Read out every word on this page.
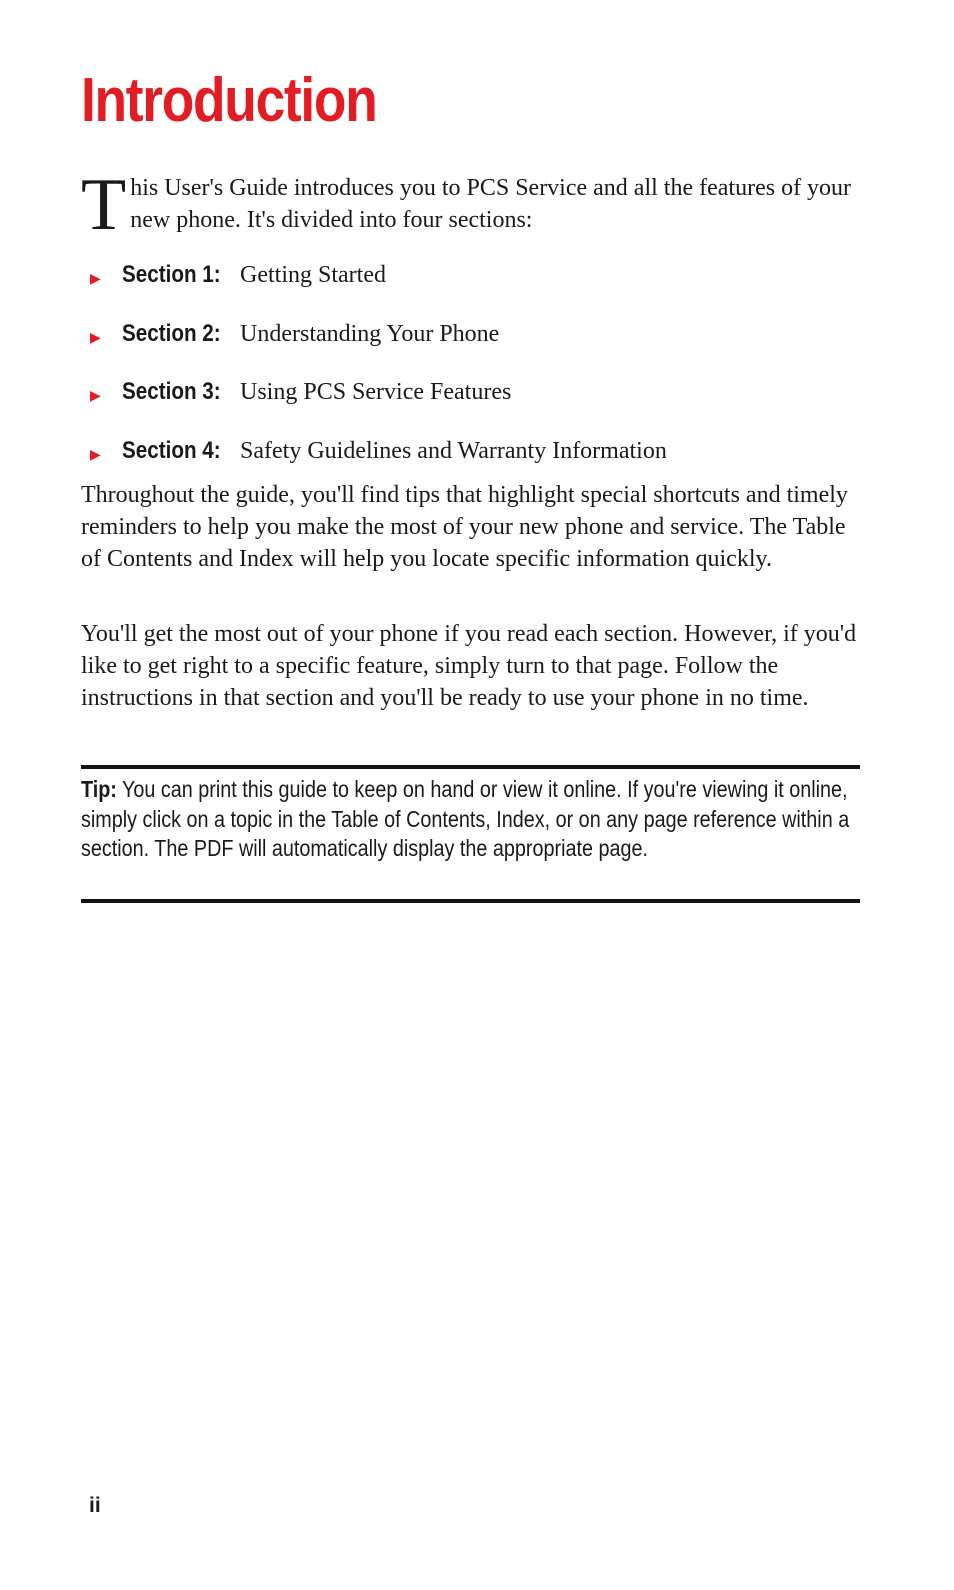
Introduction
T his User's Guide introduces you to PCS Service and all the features of your new phone. It's divided into four sections:
▶ Section 1: Getting Started
▶ Section 2: Understanding Your Phone
▶ Section 3: Using PCS Service Features
▶ Section 4: Safety Guidelines and Warranty Information

Throughout the guide, you'll find tips that highlight special shortcuts and timely reminders to help you make the most of your new phone and service. The Table of Contents and Index will help you locate specific information quickly.

You'll get the most out of your phone if you read each section. However, if you'd like to get right to a specific feature, simply turn to that page. Follow the instructions in that section and you'll be ready to use your phone in no time.

Tip: You can print this guide to keep on hand or view it online. If you're viewing it online, simply click on a topic in the Table of Contents, Index, or on any page reference within a section. The PDF will automatically display the appropriate page.

ii
